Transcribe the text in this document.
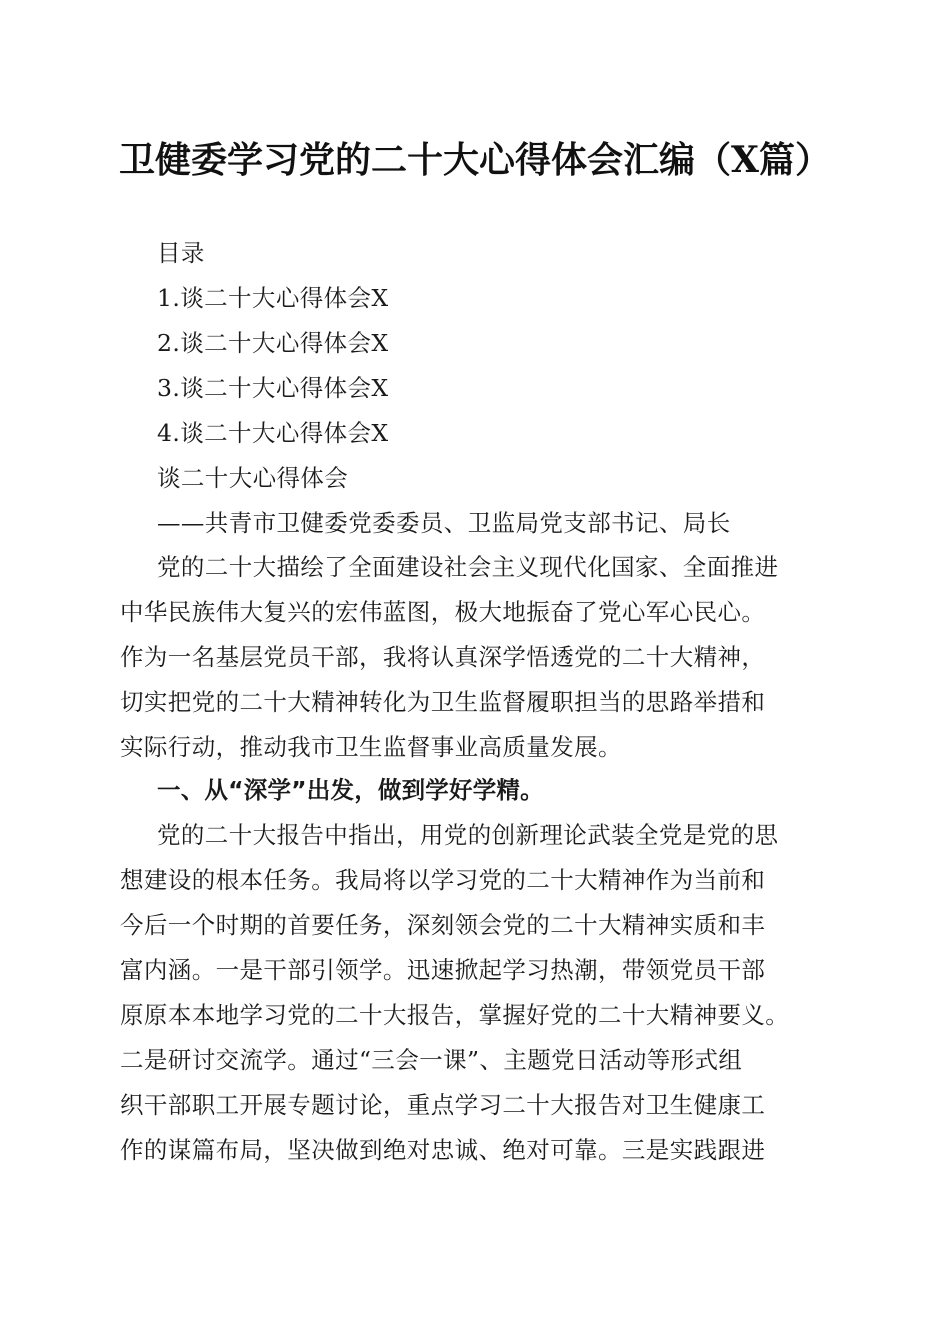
卫健委学习党的二十大心得体会汇编（X篇）
目录
1.谈二十大心得体会X
2.谈二十大心得体会X
3.谈二十大心得体会X
4.谈二十大心得体会X
谈二十大心得体会
——共青市卫健委党委委员、卫监局党支部书记、局长
党的二十大描绘了全面建设社会主义现代化国家、全面推进
中华民族伟大复兴的宏伟蓝图，极大地振奋了党心军心民心。
作为一名基层党员干部，我将认真深学悟透党的二十大精神，
切实把党的二十大精神转化为卫生监督履职担当的思路举措和
实际行动，推动我市卫生监督事业高质量发展。
一、从“深学”出发，做到学好学精。
党的二十大报告中指出，用党的创新理论武装全党是党的思
想建设的根本任务。我局将以学习党的二十大精神作为当前和
今后一个时期的首要任务，深刻领会党的二十大精神实质和丰
富内涵。一是干部引领学。迅速掀起学习热潮，带领党员干部
原原本本地学习党的二十大报告，掌握好党的二十大精神要义。
二是研讨交流学。通过“三会一课”、主题党日活动等形式组
织干部职工开展专题讨论，重点学习二十大报告对卫生健康工
作的谋篇布局，坚决做到绝对忠诚、绝对可靠。三是实践跟进
